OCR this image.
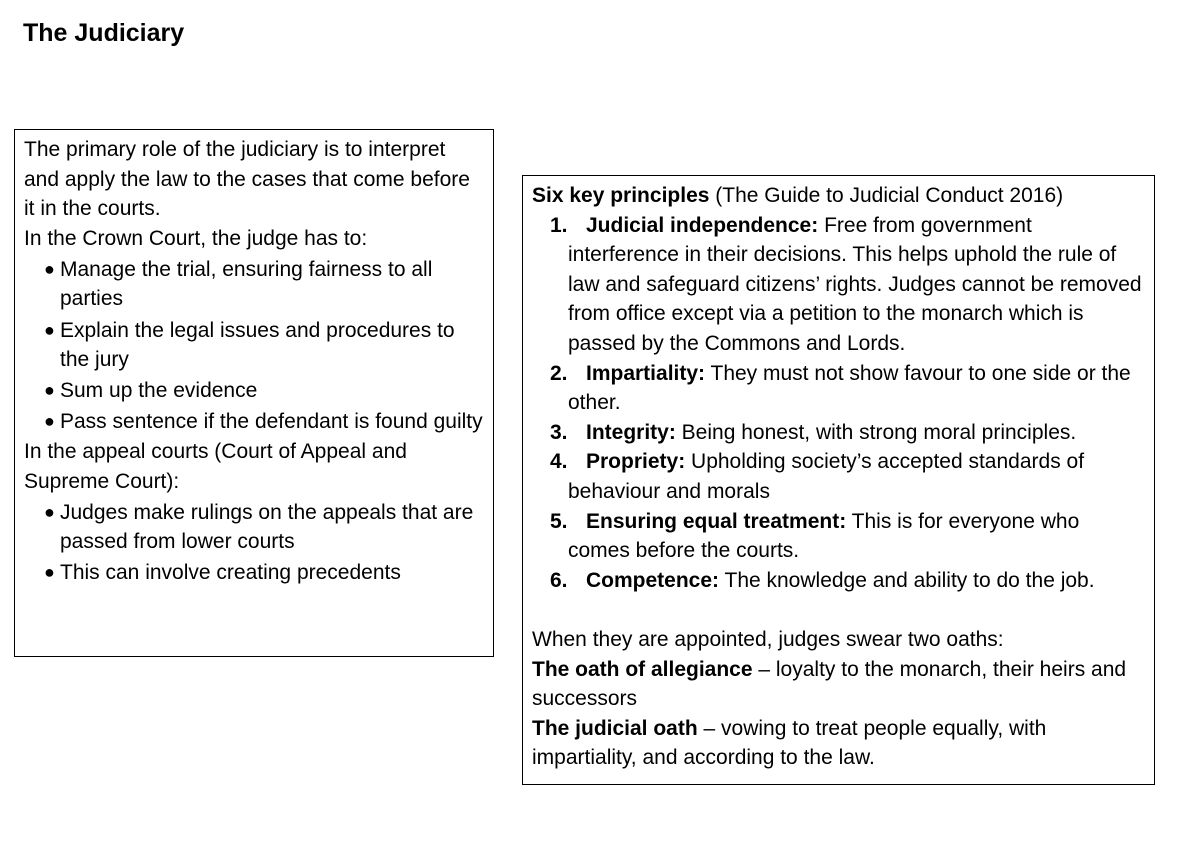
The Judiciary

The primary role of the judiciary is to interpret and apply the law to the cases that come before it in the courts.

In the Crown Court, the judge has to:

● Manage the trial, ensuring fairness to all parties
● Explain the legal issues and procedures to the jury
● Sum up the evidence
● Pass sentence if the defendant is found guilty

In the appeal courts (Court of Appeal and Supreme Court):

● Judges make rulings on the appeals that are passed from lower courts
● This can involve creating precedents

Six key principles (The Guide to Judicial Conduct 2016)

1. Judicial independence: Free from government interference in their decisions. This helps uphold the rule of law and safeguard citizens’ rights. Judges cannot be removed from office except via a petition to the monarch which is passed by the Commons and Lords.
2. Impartiality: They must not show favour to one side or the other.
3. Integrity: Being honest, with strong moral principles.
4. Propriety: Upholding society’s accepted standards of behaviour and morals
5. Ensuring equal treatment: This is for everyone who comes before the courts.
6. Competence: The knowledge and ability to do the job.

When they are appointed, judges swear two oaths:

The oath of allegiance – loyalty to the monarch, their heirs and successors

The judicial oath – vowing to treat people equally, with impartiality, and according to the law.
